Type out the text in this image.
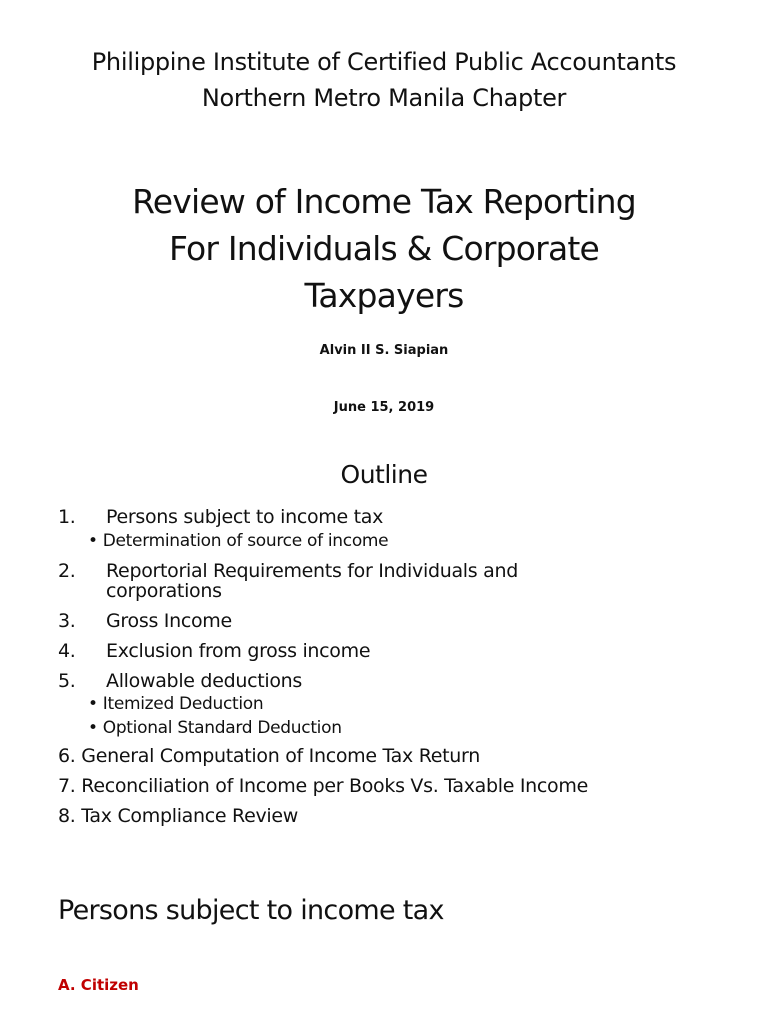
Philippine Institute of Certified Public Accountants
Northern Metro Manila Chapter
Review of Income Tax Reporting
For Individuals & Corporate
Taxpayers
Alvin II S. Siapian
June 15, 2019
Outline
1. Persons subject to income tax
• Determination of source of income
2. Reportorial Requirements for Individuals and
corporations
3. Gross Income
4. Exclusion from gross income
5. Allowable deductions
• Itemized Deduction
• Optional Standard Deduction
6. General Computation of Income Tax Return
7. Reconciliation of Income per Books Vs. Taxable Income
8. Tax Compliance Review
Persons subject to income tax
A. Citizen
